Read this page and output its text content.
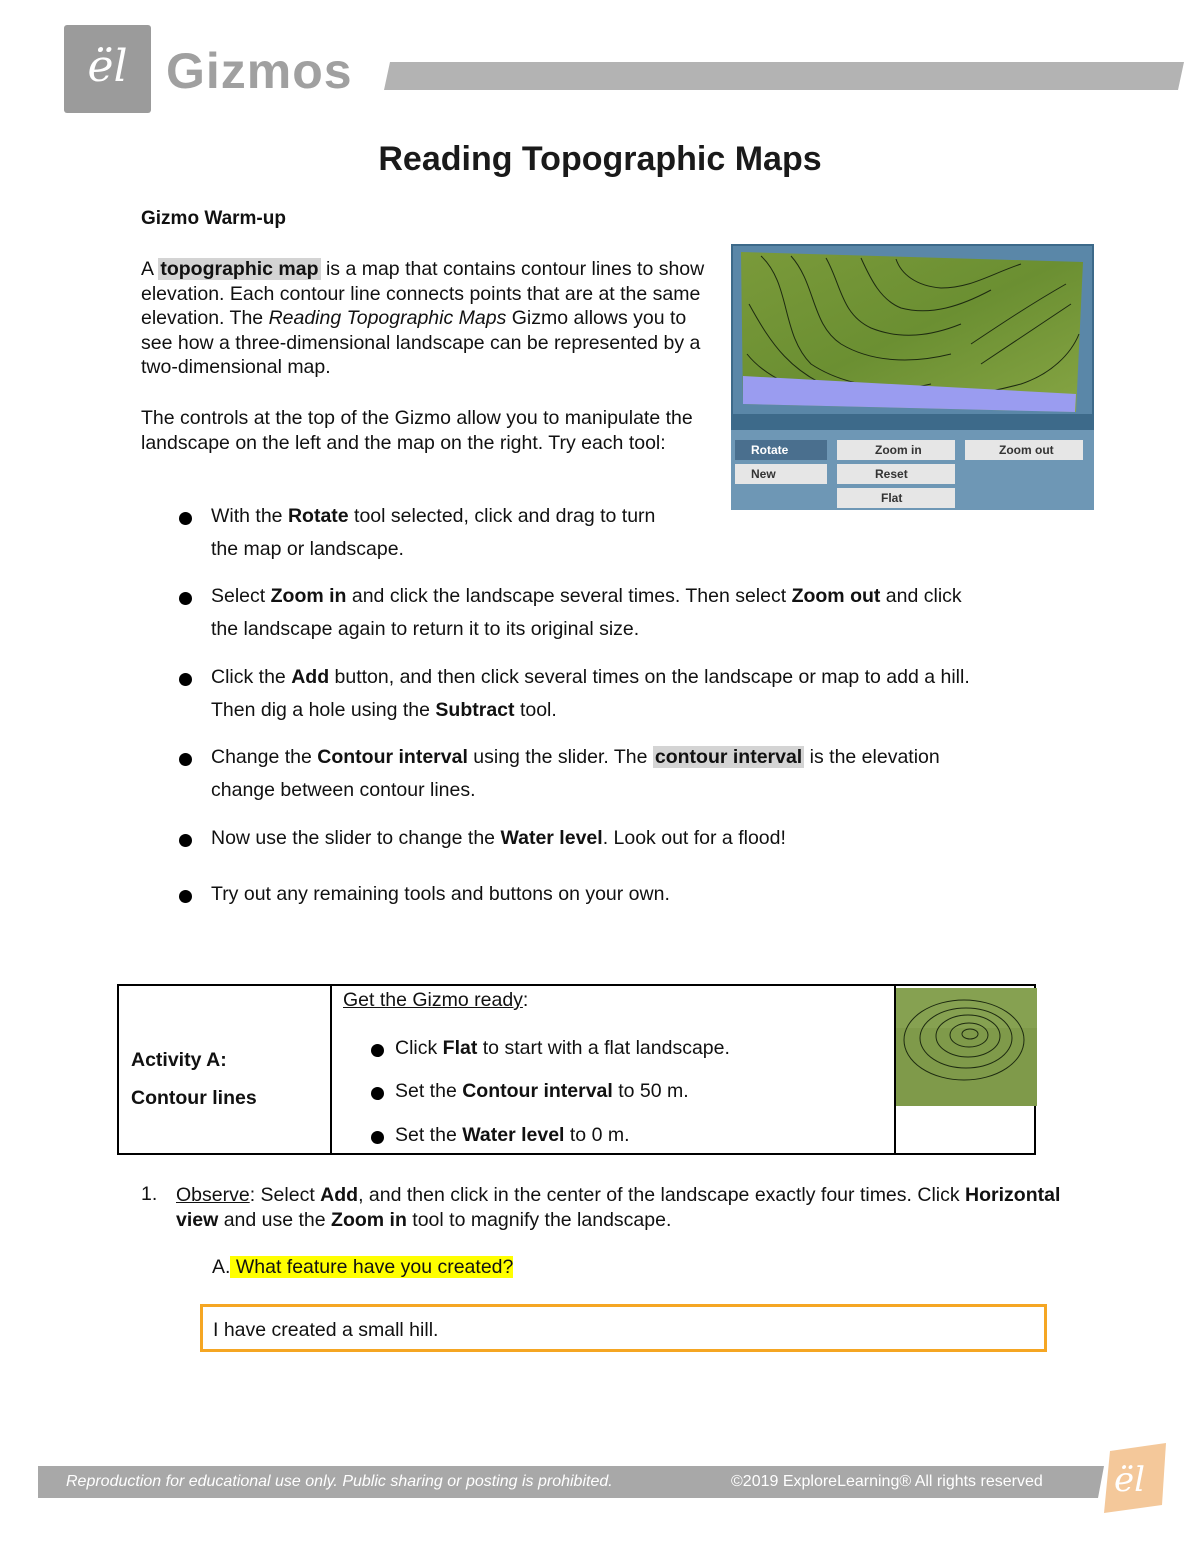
ël Gizmos
Reading Topographic Maps
Gizmo Warm-up
A topographic map is a map that contains contour lines to show elevation. Each contour line connects points that are at the same elevation. The Reading Topographic Maps Gizmo allows you to see how a three-dimensional landscape can be represented by a two-dimensional map.
The controls at the top of the Gizmo allow you to manipulate the landscape on the left and the map on the right. Try each tool:	Rotate	Zoom in	Zoom out
New	Reset
Flat
With the Rotate tool selected, click and drag to turn
the map or landscape.
Select Zoom in and click the landscape several times. Then select Zoom out and click
the landscape again to return it to its original size.
Click the Add button, and then click several times on the landscape or map to add a hill.
Then dig a hole using the Subtract tool.
Change the Contour interval using the slider. The contour interval is the elevation
change between contour lines.
Now use the slider to change the Water level. Look out for a flood!
Try out any remaining tools and buttons on your own.
Activity A:
Contour lines
Get the Gizmo ready:
Click Flat to start with a flat landscape.
Set the Contour interval to 50 m.
Set the Water level to 0 m.
1. Observe: Select Add, and then click in the center of the landscape exactly four times. Click Horizontal view and use the Zoom in tool to magnify the landscape.
A. What feature have you created?
I have created a small hill.
Reproduction for educational use only. Public sharing or posting is prohibited.	©2019 ExploreLearning® All rights reserved ël
